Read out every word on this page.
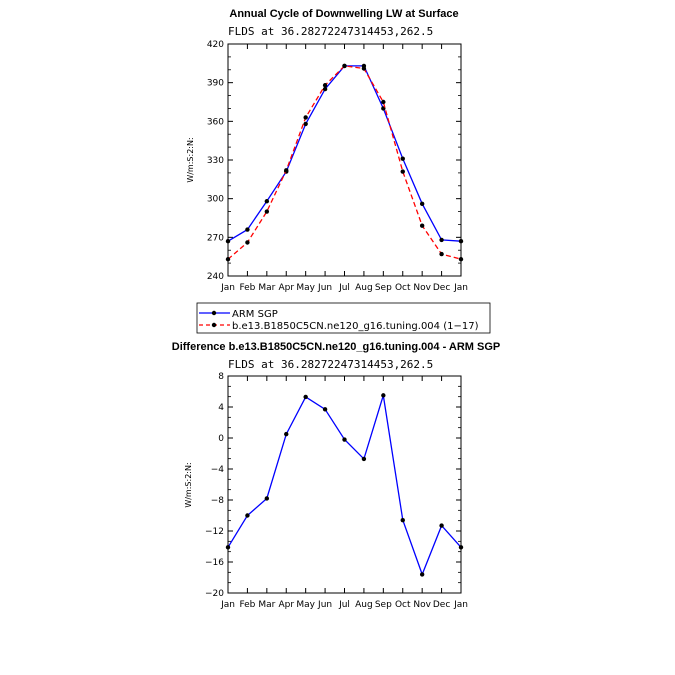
Annual Cycle of Downwelling LW at Surface
FLDS at 36.28272247314453,262.5
W/m:S:2:N:
240
270
300
330
360
390
420
Jan Feb Mar Apr May Jun Jul Aug Sep Oct Nov Dec Jan
ARM SGP
b.e13.B1850C5CN.ne120_g16.tuning.004 (1−17)
Difference b.e13.B1850C5CN.ne120_g16.tuning.004 - ARM SGP
FLDS at 36.28272247314453,262.5
W/m:S:2:N:
−20
−16
−12
−8
−4
0
4
8
Jan Feb Mar Apr May Jun Jul Aug Sep Oct Nov Dec Jan
